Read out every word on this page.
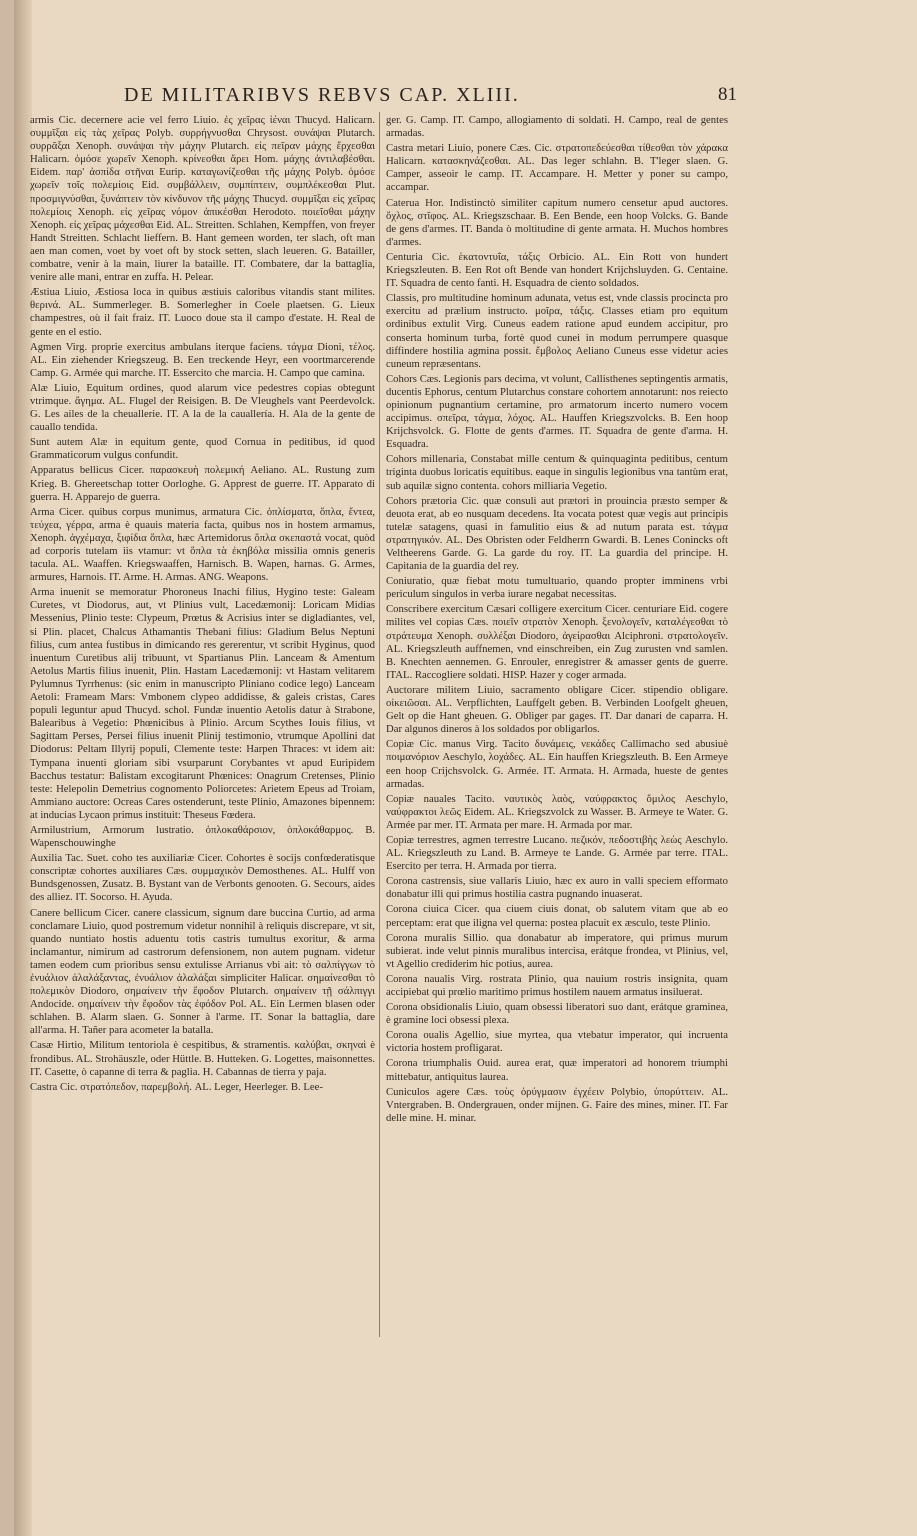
DE MILITARIBVS REBVS CAP. XLIII.	81

armis Cic. decernere acie vel ferro Liuio. ἐς χεῖρας ἰέναι Thucyd. Halicarn. συμμῖξαι εἰς τὰς χεῖρας Polyb. συρρήγνυσθαι Chrysost. συνάψαι Plutarch. συρρᾶξαι Xenoph. συνάψαι τὴν μάχην Plutarch. εἰς πεῖραν μάχης ἔρχεσθαι Halicarn. ὁμόσε χωρεῖν Xenoph. κρίνεσθαι ἄρει Hom. μάχης ἀντιλαβέσθαι. Eidem. παρ' ἀσπίδα στῆναι Eurip. καταγωνίζεσθαι τῆς μάχης Polyb. ὁμόσε χωρεῖν τοῖς πολεμίοις Eid. συμβάλλειν, συμπίπτειν, συμπλέκεσθαι Plut. προσμιγνύσθαι, ξυνάπτειν τὸν κίνδυνον τῆς μάχης Thucyd. συμμῖξαι εἰς χεῖρας πολεμίοις Xenoph. εἰς χεῖρας νόμον ἀπικέσθαι Herodoto. ποιεῖσθαι μάχην Xenoph. εἰς χεῖρας μάχεσθαι Eid. AL. Streitten. Schlahen, Kempffen, von freyer Handt Streitten. Schlacht lieffern. B. Hant gemeen worden, ter slach, oft man aen man comen, voet by voet oft by stock setten, slach leueren. G. Batailler, combatre, venir à la main, liurer la bataille. IT. Combatere, dar la battaglia, venire alle mani, entrar en zuffa. H. Pelear.

Æstiua Liuio, Æstiosa loca in quibus æstiuis caloribus vitandis stant milites. θερινά. AL. Summerleger. B. Somerlegher in Coele plaetsen. G. Lieux champestres, où il fait fraiz. IT. Luoco doue sta il campo d'estate. H. Real de gente en el estio.

Agmen Virg. proprie exercitus ambulans iterque faciens. τάγμα Dioni, τέλος. AL. Ein ziehender Kriegszeug. B. Een treckende Heyr, een voortmarcerende Camp. G. Armée qui marche. IT. Essercito che marcia. H. Campo que camina.

Alæ Liuio, Equitum ordines, quod alarum vice pedestres copias obtegunt vtrimque. ἄγημα. AL. Flugel der Reisigen. B. De Vleughels vant Peerdevolck. G. Les ailes de la cheuallerie. IT. A la de la cauallería. H. Ala de la gente de cauallo tendida.

Sunt autem Alæ in equitum gente, quod Cornua in peditibus, id quod Grammaticorum vulgus confundit.

Apparatus bellicus Cicer. παρασκευὴ πολεμική Aeliano. AL. Rustung zum Krieg. B. Ghereetschap totter Oorloghe. G. Apprest de guerre. IT. Apparato di guerra. H. Apparejo de guerra.

Arma Cicer. quibus corpus munimus, armatura Cic. ὁπλίσματα, ὅπλα, ἔντεα, τεύχεα, γέρρα, arma è quauis materia facta, quibus nos in hostem armamus, Xenoph. ἀγχέμαχα, ξιφίδια ὅπλα, hæc Artemidorus ὅπλα σκεπαστά vocat, quòd ad corporis tutelam iis vtamur: vt ὅπλα τὰ ἐκηβόλα missilia omnis generis tacula. AL. Waaffen. Kriegswaaffen, Harnisch. B. Wapen, harnas. G. Armes, armures, Harnois. IT. Arme. H. Armas. ANG. Weapons.

Arma inuenit se memoratur Phoroneus Inachi filius, Hygino teste: Galeam Curetes, vt Diodorus, aut, vt Plinius vult, Lacedæmonij: Loricam Midias Messenius, Plinio teste: Clypeum, Prœtus & Acrisius inter se digladiantes, vel, si Plin. placet, Chalcus Athamantis Thebani filius: Gladium Belus Neptuni filius, cum antea fustibus in dimicando res gererentur, vt scribit Hyginus, quod inuentum Curetibus alij tribuunt, vt Spartianus Plin. Lanceam & Amentum Aetolus Martis filius inuenit, Plin. Hastam Lacedæmonij: vt Hastam velitarem Pylumnus Tyrrhenus: (sic enim in manuscripto Pliniano codice lego) Lanceam Aetoli: Frameam Mars: Vmbonem clypeo addidisse, & galeis cristas, Cares populi leguntur apud Thucyd. schol. Fundæ inuentio Aetolis datur à Strabone, Balearibus à Vegetio: Phœnicibus à Plinio. Arcum Scythes Iouis filius, vt Sagittam Perses, Persei filius inuenit Plinij testimonio, vtrumque Apollini dat Diodorus: Peltam Illyrij populi, Clemente teste: Harpen Thraces: vt idem ait: Tympana inuenti gloriam sibi vsurparunt Corybantes vt apud Euripidem Bacchus testatur: Balistam excogitarunt Phœnices: Onagrum Cretenses, Plinio teste: Helepolin Demetrius cognomento Poliorcetes: Arietem Epeus ad Troiam, Ammiano auctore: Ocreas Cares ostenderunt, teste Plinio, Amazones bipennem: at inducias Lycaon primus instituit: Theseus Fœdera.

Armilustrium, Armorum lustratio. ὁπλοκαθάρσιον, ὁπλοκάθαρμος. B. Wapenschouwinghe

Auxilia Tac. Suet. coho tes auxiliariæ Cicer. Cohortes è socijs confœderatisque conscriptæ cohortes auxiliares Cæs. συμμαχικὸν Demosthenes. AL. Hulff von Bundsgenossen, Zusatz. B. Bystant van de Verbonts genooten. G. Secours, aides des alliez. IT. Socorso. H. Ayuda.

Canere bellicum Cicer. canere classicum, signum dare buccina Curtio, ad arma conclamare Liuio, quod postremum videtur nonnihil à reliquis discrepare, vt sit, quando nuntiato hostis aduentu totis castris tumultus exoritur, & arma inclamantur, nimirum ad castrorum defensionem, non autem pugnam. videtur tamen eodem cum prioribus sensu extulisse Arrianus vbi ait: τὸ σαλπίγγων τὸ ἐνυάλιον ἀλαλάξαντας, ἐνυάλιον ἀλαλάξαι simpliciter Halicar. σημαίνεσθαι τὸ πολεμικὸν Diodoro, σημαίνειν τὴν ἔφοδον Plutarch. σημαίνειν τῇ σάλπιγγι Andocide. σημαίνειν τὴν ἔφοδον τὰς ἐφόδον Pol. AL. Ein Lermen blasen oder schlahen. B. Alarm slaen. G. Sonner à l'arme. IT. Sonar la battaglia, dare all'arma. H. Tañer para acometer la batalla.

Casæ Hirtio, Militum tentoriola è cespitibus, & stramentis. καλύβαι, σκηναὶ è frondibus. AL. Strohäuszle, oder Hüttle. B. Hutteken. G. Logettes, maisonnettes. IT. Casette, ò capanne di terra & paglia. H. Cabannas de tierra y paja.

Castra Cic. στρατόπεδον, παρεμβολή. AL. Leger, Heerleger. B. Lee-

ger. G. Camp. IT. Campo, allogiamento di soldati. H. Campo, real de gentes armadas.

Castra metari Liuio, ponere Cæs. Cic. στρατοπεδεύεσθαι τίθεσθαι τὸν χάρακα Halicarn. κατασκηνάζεσθαι. AL. Das leger schlahn. B. T'leger slaen. G. Camper, asseoir le camp. IT. Accampare. H. Metter y poner su campo, accampar.

Caterua Hor. Indistinctò similiter capitum numero censetur apud auctores. ὄχλος, στῖφος. AL. Kriegszschaar. B. Een Bende, een hoop Volcks. G. Bande de gens d'armes. IT. Banda ò moltitudine di gente armata. H. Muchos hombres d'armes.

Centuria Cic. ἑκατοντυΐα, τάξις Orbicio. AL. Ein Rott von hundert Kriegszleuten. B. Een Rot oft Bende van hondert Krijchsluyden. G. Centaine. IT. Squadra de cento fanti. H. Esquadra de ciento soldados.

Classis, pro multitudine hominum adunata, vetus est, vnde classis procincta pro exercitu ad prælium instructo. μοῖρα, τάξις. Classes etiam pro equitum ordinibus extulit Virg. Cuneus eadem ratione apud eundem accipitur, pro conserta hominum turba, fortè quod cunei in modum perrumpere quasque diffindere hostilia agmina possit. ἔμβολος Aeliano Cuneus esse videtur acies cuneum repræsentans.

Cohors Cæs. Legionis pars decima, vt volunt, Callisthenes septingentis armatis, ducentis Ephorus, centum Plutarchus constare cohortem annotarunt: nos reiecto opinionum pugnantium certamine, pro armatorum incerto numero vocem accipimus. σπεῖρα, τάγμα, λόχος. AL. Hauffen Kriegszvolcks. B. Een hoop Krijchsvolck. G. Flotte de gents d'armes. IT. Squadra de gente d'arma. H. Esquadra.

Cohors millenaria, Constabat mille centum & quinquaginta peditibus, centum triginta duobus loricatis equitibus. eaque in singulis legionibus vna tantùm erat, sub aquilæ signo contenta. cohors milliaria Vegetio.

Cohors prætoria Cic. quæ consuli aut prætori in prouincia præsto semper & deuota erat, ab eo nusquam decedens. Ita vocata potest quæ vegis aut principis tutelæ satagens, quasi in famulitio eius & ad nutum parata est. τάγμα στρατηγικόν. AL. Des Obristen oder Feldherrn Gwardi. B. Lenes Conincks oft Veltheerens Garde. G. La garde du roy. IT. La guardia del principe. H. Capitania de la guardia del rey.

Coniuratio, quæ fiebat motu tumultuario, quando propter imminens vrbi periculum singulos in verba iurare negabat necessitas.

Conscribere exercitum Cæsari colligere exercitum Cicer. centuriare Eid. cogere milites vel copias Cæs. ποιεῖν στρατὸν Xenoph. ξενολογεῖν, καταλέγεσθαι τὸ στράτευμα Xenoph. συλλέξαι Diodoro, ἀγείρασθαι Alciphroni. στρατολογεῖν. AL. Kriegszleuth auffnemen, vnd einschreiben, ein Zug zurusten vnd samlen. B. Knechten aennemen. G. Enrouler, enregistrer & amasser gents de guerre. ITAL. Raccogliere soldati. HISP. Hazer y coger armada.

Auctorare militem Liuio, sacramento obligare Cicer. stipendio obligare. οἰκειῶσαι. AL. Verpflichten, Lauffgelt geben. B. Verbinden Loofgelt gheuen, Gelt op die Hant gheuen. G. Obliger par gages. IT. Dar danari de caparra. H. Dar algunos dineros à los soldados por obligarlos.

Copiæ Cic. manus Virg. Tacito δυνάμεις, νεκάδες Callimacho sed abusiuè ποιμανόριον Aeschylo, λοχάδες. AL. Ein hauffen Kriegszleuth. B. Een Armeye een hoop Crijchsvolck. G. Armée. IT. Armata. H. Armada, hueste de gentes armadas.

Copiæ nauales Tacito. ναυτικὸς λαὸς, ναύφρακτος ὅμιλος Aeschylo, ναύφρακτοι λεῶς Eidem. AL. Kriegszvolck zu Wasser. B. Armeye te Water. G. Armée par mer. IT. Armata per mare. H. Armada por mar.

Copiæ terrestres, agmen terrestre Lucano. πεζικόν, πεδοστιβὴς λεὼς Aeschylo. AL. Kriegszleuth zu Land. B. Armeye te Lande. G. Armée par terre. ITAL. Esercito per terra. H. Armada por tierra.

Corona castrensis, siue vallaris Liuio, hæc ex auro in valli speciem efformato donabatur illi qui primus hostilia castra pugnando inuaserat.

Corona ciuica Cicer. qua ciuem ciuis donat, ob salutem vitam que ab eo perceptam: erat que ilignа vel quernа: postea placuit ex æsculo, teste Plinio.

Corona muralis Sillio. qua donabatur ab imperatore, qui primus murum subierat. inde velut pinnis muralibus intercisa, erátque frondea, vt Plinius, vel, vt Agellio crediderim hic potius, aurea.

Corona naualis Virg. rostrata Plinio, qua nauium rostris insignita, quam accipiebat qui prœlio maritimo primus hostilem nauem armatus insiluerat.

Corona obsidionalis Liuio, quam obsessi liberatori suo dant, erátque graminea, è gramine loci obsessi plexa.

Corona oualis Agellio, siue myrtea, qua vtebatur imperator, qui incruenta victoria hostem profligarat.

Corona triumphalis Ouid. aurea erat, quæ imperatori ad honorem triumphi mittebatur, antiquitus laurea.

Cuniculos agere Cæs. τοὺς ὀρύγμασιν ἐγχέειν Polybio, ὑπορύττειν. AL. Vntergraben. B. Ondergrauen, onder mijnen. G. Faire des mines, miner. IT. Far delle mine. H. minar.
